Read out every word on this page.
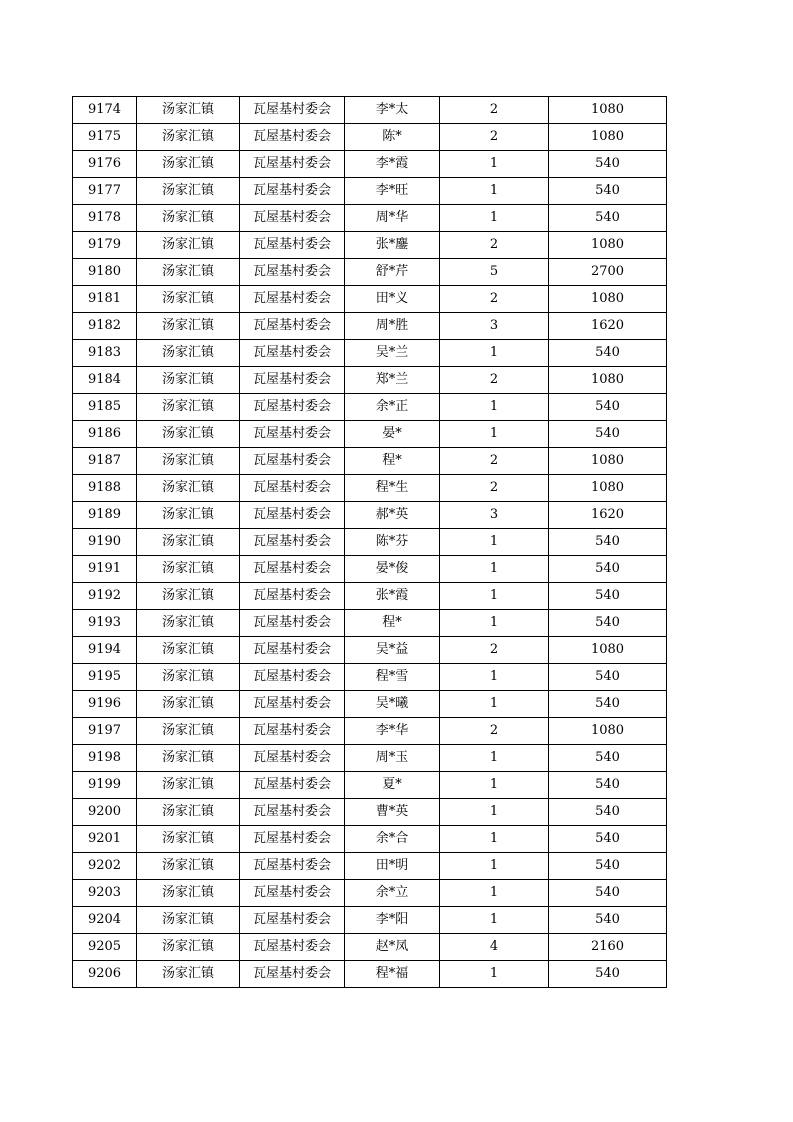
9174	汤家汇镇	瓦屋基村委会	李*太	2	1080
9175	汤家汇镇	瓦屋基村委会	陈*	2	1080
9176	汤家汇镇	瓦屋基村委会	李*霞	1	540
9177	汤家汇镇	瓦屋基村委会	李*旺	1	540
9178	汤家汇镇	瓦屋基村委会	周*华	1	540
9179	汤家汇镇	瓦屋基村委会	张*鏖	2	1080
9180	汤家汇镇	瓦屋基村委会	舒*芹	5	2700
9181	汤家汇镇	瓦屋基村委会	田*义	2	1080
9182	汤家汇镇	瓦屋基村委会	周*胜	3	1620
9183	汤家汇镇	瓦屋基村委会	吴*兰	1	540
9184	汤家汇镇	瓦屋基村委会	郑*兰	2	1080
9185	汤家汇镇	瓦屋基村委会	余*正	1	540
9186	汤家汇镇	瓦屋基村委会	晏*	1	540
9187	汤家汇镇	瓦屋基村委会	程*	2	1080
9188	汤家汇镇	瓦屋基村委会	程*生	2	1080
9189	汤家汇镇	瓦屋基村委会	郝*英	3	1620
9190	汤家汇镇	瓦屋基村委会	陈*芬	1	540
9191	汤家汇镇	瓦屋基村委会	晏*俊	1	540
9192	汤家汇镇	瓦屋基村委会	张*霞	1	540
9193	汤家汇镇	瓦屋基村委会	程*	1	540
9194	汤家汇镇	瓦屋基村委会	吴*益	2	1080
9195	汤家汇镇	瓦屋基村委会	程*雪	1	540
9196	汤家汇镇	瓦屋基村委会	吴*曦	1	540
9197	汤家汇镇	瓦屋基村委会	李*华	2	1080
9198	汤家汇镇	瓦屋基村委会	周*玉	1	540
9199	汤家汇镇	瓦屋基村委会	夏*	1	540
9200	汤家汇镇	瓦屋基村委会	曹*英	1	540
9201	汤家汇镇	瓦屋基村委会	余*合	1	540
9202	汤家汇镇	瓦屋基村委会	田*明	1	540
9203	汤家汇镇	瓦屋基村委会	余*立	1	540
9204	汤家汇镇	瓦屋基村委会	李*阳	1	540
9205	汤家汇镇	瓦屋基村委会	赵*凤	4	2160
9206	汤家汇镇	瓦屋基村委会	程*福	1	540
